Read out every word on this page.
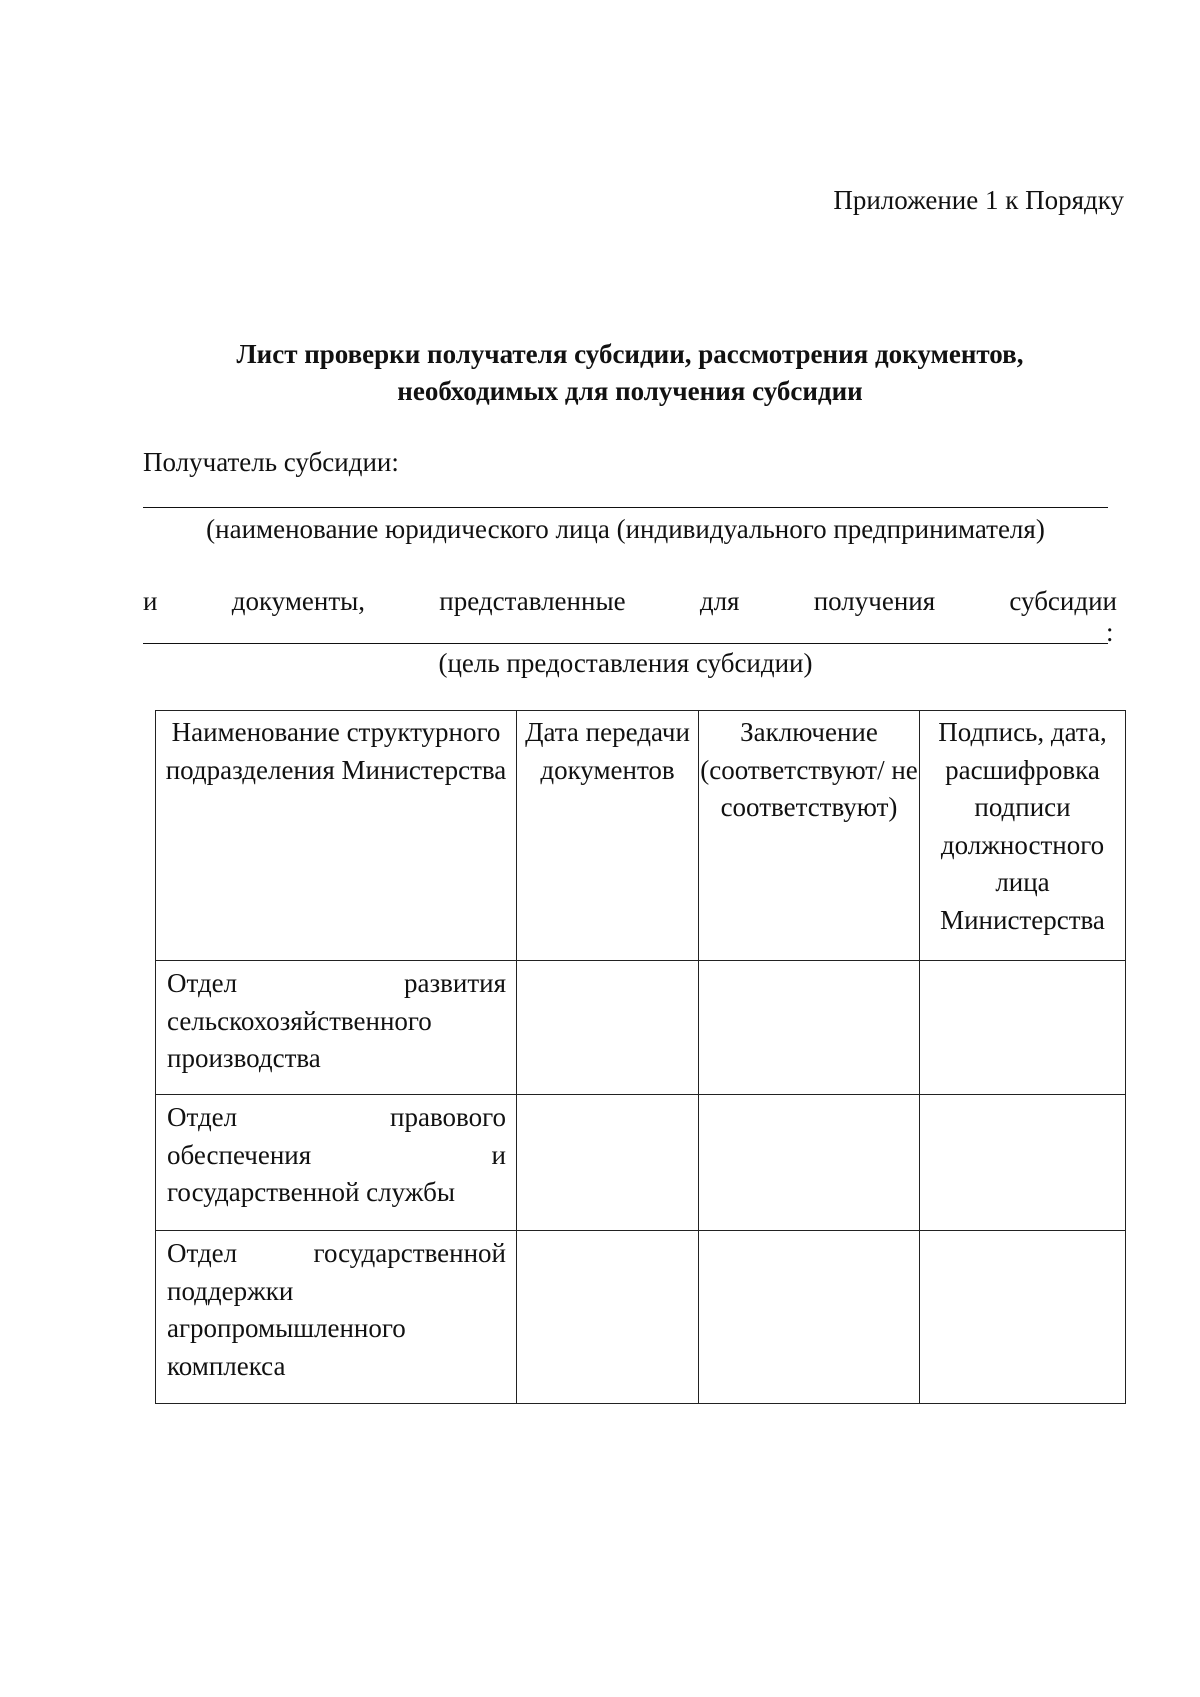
Приложение 1 к Порядку
Лист проверки получателя субсидии, рассмотрения документов,
необходимых для получения субсидии
Получатель субсидии:
(наименование юридического лица (индивидуального предпринимателя)
и	документы,	представленные	для	получения	субсидии
:
(цель предоставления субсидии)
Наименование структурного подразделения Министерства	Дата передачи документов	Заключение (соответствуют/ не соответствуют)	Подпись, дата, расшифровка подписи должностного лица Министерства
Отдел развития сельскохозяйственного производства			
Отдел правового обеспечения и государственной службы			
Отдел государственной поддержки агропромышленного комплекса			
